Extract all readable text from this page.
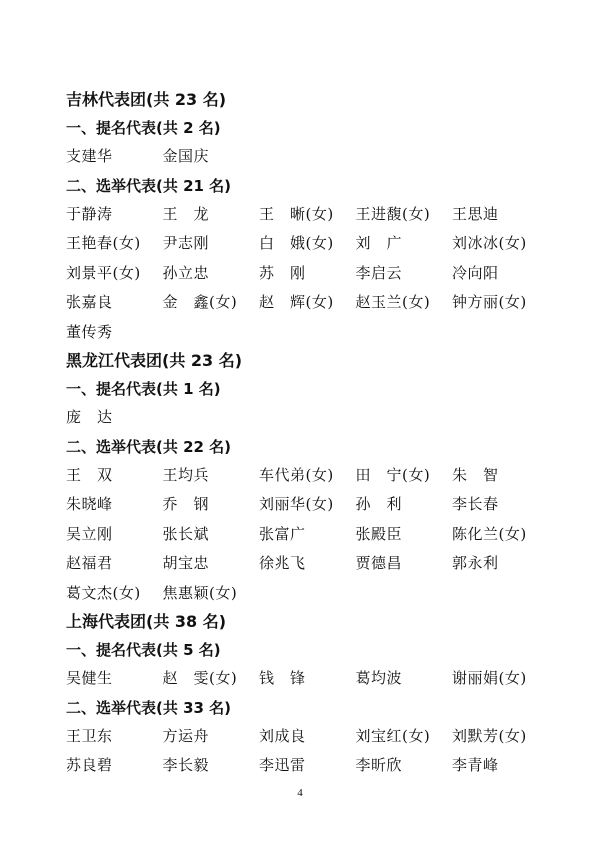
吉林代表团(共 23 名)
一、提名代表(共 2 名)
支建华	金国庆
二、选举代表(共 21 名)
于静涛	王　龙	王　晰(女)	王进馥(女)	王思迪
王艳春(女)	尹志刚	白　娥(女)	刘　广	刘冰冰(女)
刘景平(女)	孙立忠	苏　刚	李启云	冷向阳
张嘉良	金　鑫(女)	赵　辉(女)	赵玉兰(女)	钟方丽(女)
董传秀
黑龙江代表团(共 23 名)
一、提名代表(共 1 名)
庞　达
二、选举代表(共 22 名)
王　双	王均兵	车代弟(女)	田　宁(女)	朱　智
朱晓峰	乔　钢	刘丽华(女)	孙　利	李长春
吴立刚	张长斌	张富广	张殿臣	陈化兰(女)
赵福君	胡宝忠	徐兆飞	贾德昌	郭永利
葛文杰(女)	焦惠颖(女)
上海代表团(共 38 名)
一、提名代表(共 5 名)
吴健生	赵　雯(女)	钱　锋	葛均波	谢丽娟(女)
二、选举代表(共 33 名)
王卫东	方运舟	刘成良	刘宝红(女)	刘默芳(女)
苏良碧	李长毅	李迅雷	李昕欣	李青峰
4
